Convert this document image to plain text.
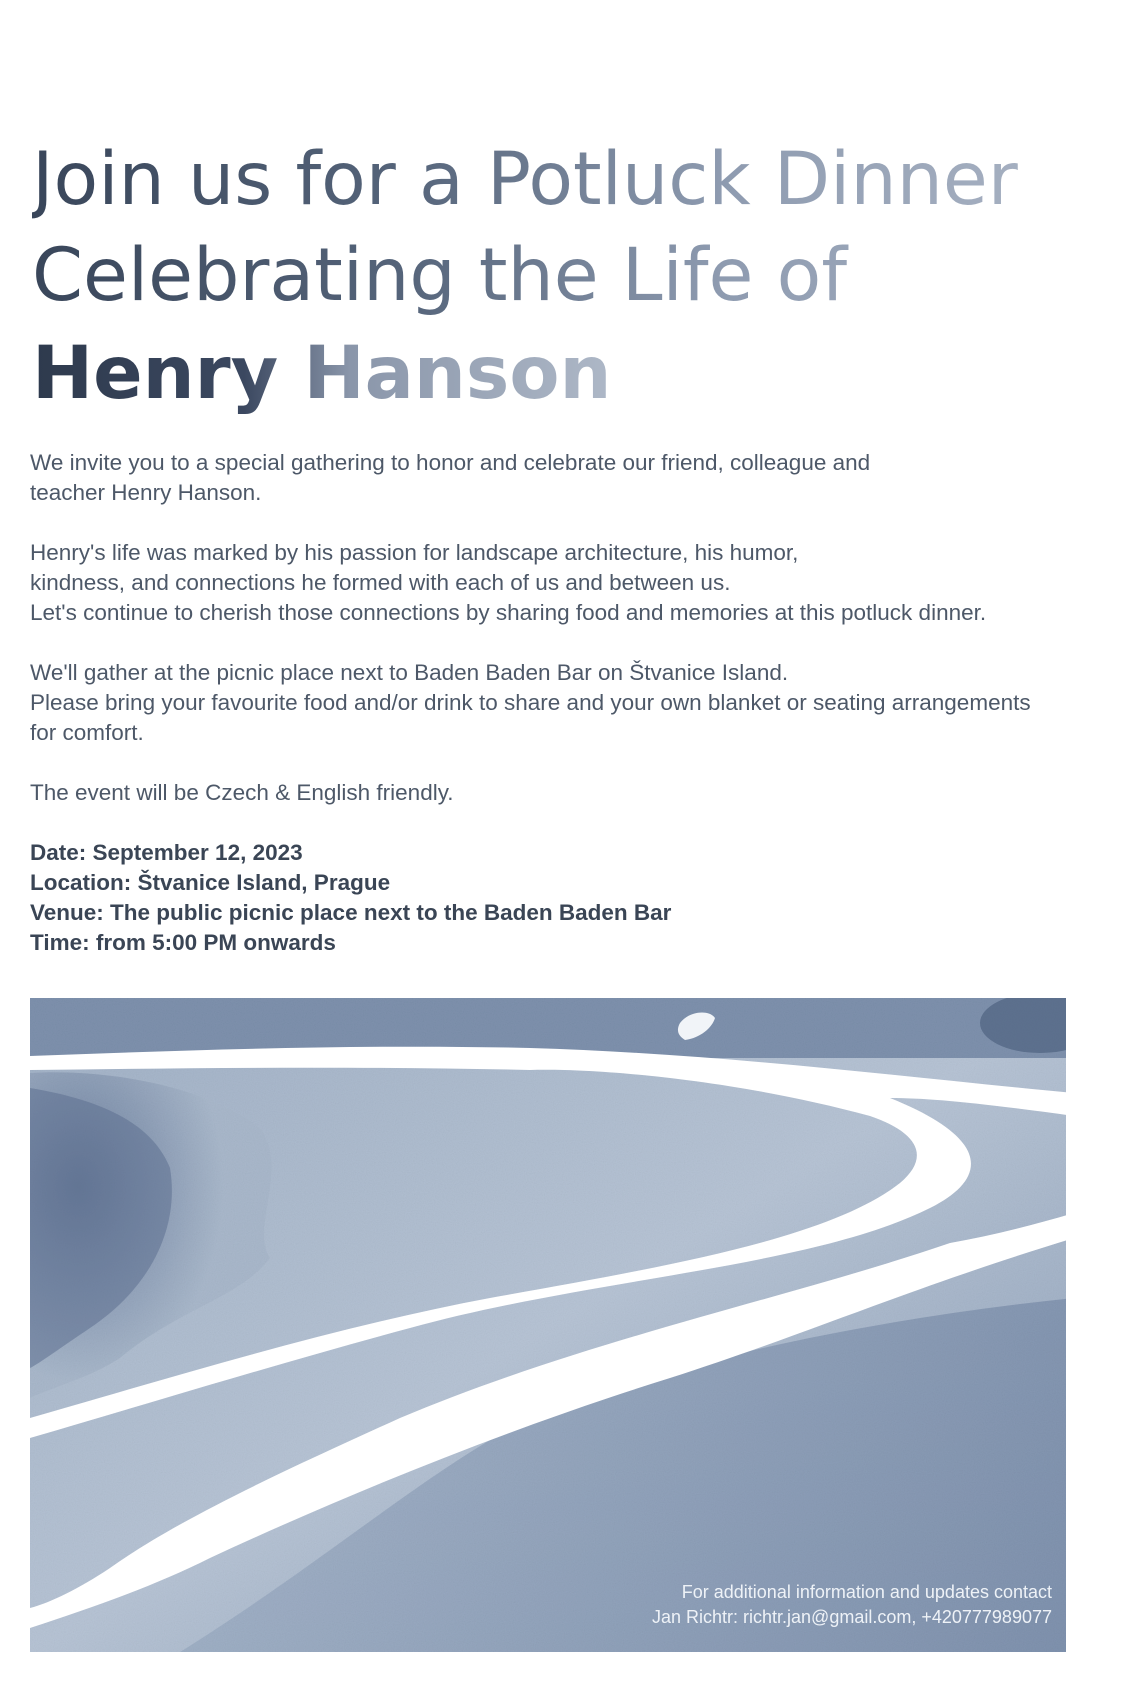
Join us for a Potluck Dinner
Celebrating the Life of
Henry Hanson

We invite you to a special gathering to honor and celebrate our friend, colleague and
teacher Henry Hanson.

Henry's life was marked by his passion for landscape architecture, his humor,
kindness, and connections he formed with each of us and between us.
Let's continue to cherish those connections by sharing food and memories at this potluck dinner.

We'll gather at the picnic place next to Baden Baden Bar on Štvanice Island.
Please bring your favourite food and/or drink to share and your own blanket or seating arrangements
for comfort.

The event will be Czech & English friendly.

Date: September 12, 2023
Location: Štvanice Island, Prague
Venue: The public picnic place next to the Baden Baden Bar
Time: from 5:00 PM onwards
For additional information and updates contact
Jan Richtr: richtr.jan@gmail.com, +420777989077
